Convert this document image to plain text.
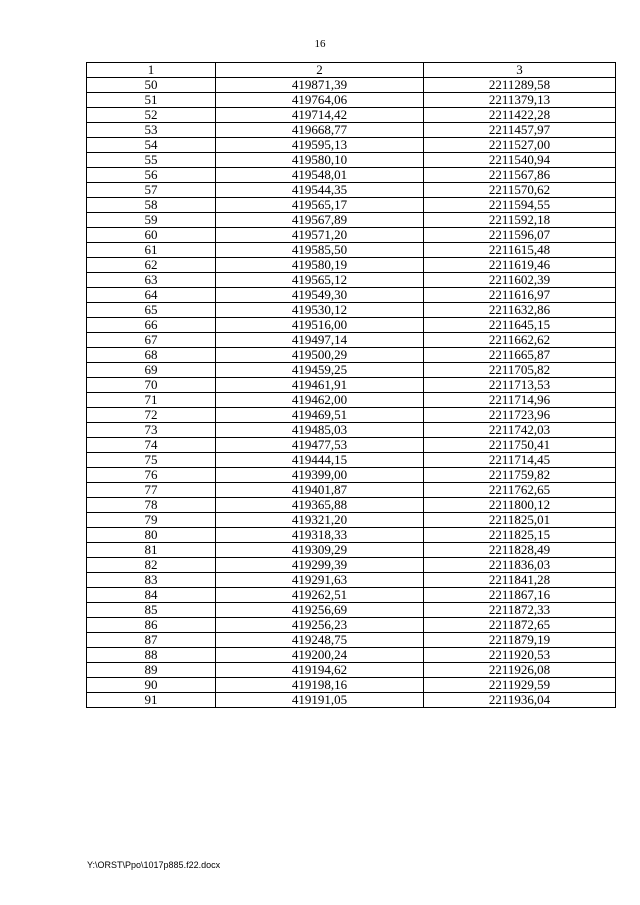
16
1	2	3
50	419871,39	2211289,58
51	419764,06	2211379,13
52	419714,42	2211422,28
53	419668,77	2211457,97
54	419595,13	2211527,00
55	419580,10	2211540,94
56	419548,01	2211567,86
57	419544,35	2211570,62
58	419565,17	2211594,55
59	419567,89	2211592,18
60	419571,20	2211596,07
61	419585,50	2211615,48
62	419580,19	2211619,46
63	419565,12	2211602,39
64	419549,30	2211616,97
65	419530,12	2211632,86
66	419516,00	2211645,15
67	419497,14	2211662,62
68	419500,29	2211665,87
69	419459,25	2211705,82
70	419461,91	2211713,53
71	419462,00	2211714,96
72	419469,51	2211723,96
73	419485,03	2211742,03
74	419477,53	2211750,41
75	419444,15	2211714,45
76	419399,00	2211759,82
77	419401,87	2211762,65
78	419365,88	2211800,12
79	419321,20	2211825,01
80	419318,33	2211825,15
81	419309,29	2211828,49
82	419299,39	2211836,03
83	419291,63	2211841,28
84	419262,51	2211867,16
85	419256,69	2211872,33
86	419256,23	2211872,65
87	419248,75	2211879,19
88	419200,24	2211920,53
89	419194,62	2211926,08
90	419198,16	2211929,59
91	419191,05	2211936,04
Y:\ORST\Ppo\1017p885.f22.docx
